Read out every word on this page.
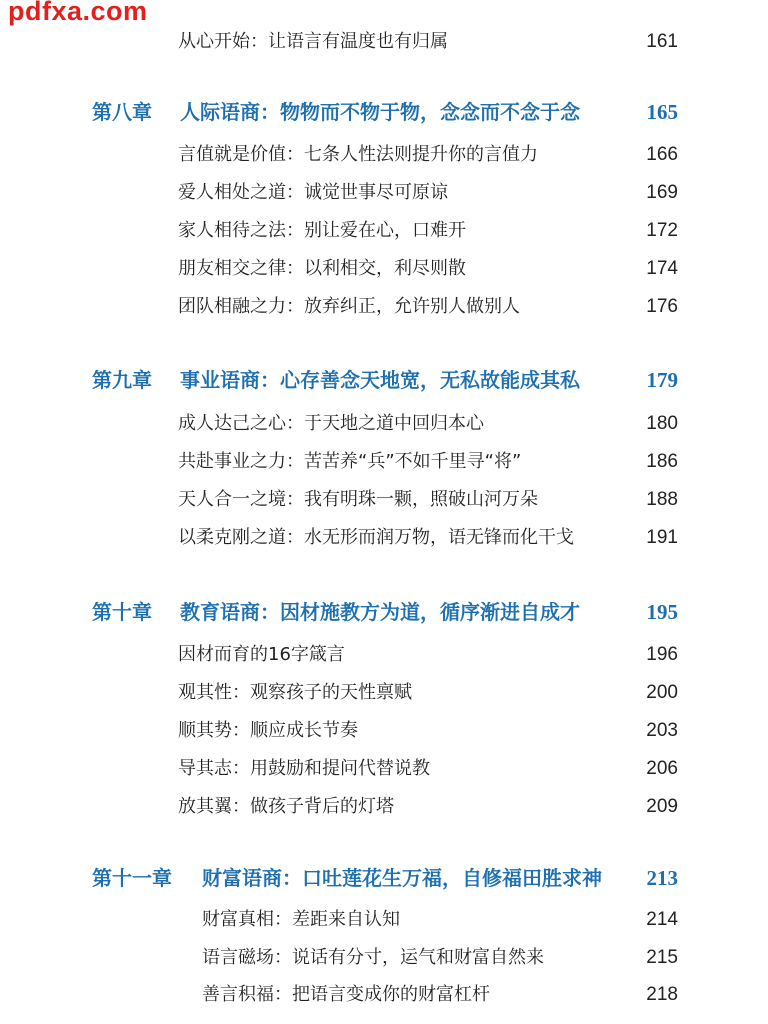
pdfxa.com
从心开始：让语言有温度也有归属	161
第八章 人际语商：物物而不物于物，念念而不念于念	165
言值就是价值：七条人性法则提升你的言值力	166
爱人相处之道：诚觉世事尽可原谅	169
家人相待之法：别让爱在心，口难开	172
朋友相交之律：以利相交，利尽则散	174
团队相融之力：放弃纠正，允许别人做别人	176
第九章 事业语商：心存善念天地宽，无私故能成其私	179
成人达己之心：于天地之道中回归本心	180
共赴事业之力：苦苦养“兵”不如千里寻“将”	186
天人合一之境：我有明珠一颗，照破山河万朵	188
以柔克刚之道：水无形而润万物，语无锋而化干戈	191
第十章 教育语商：因材施教方为道，循序渐进自成才	195
因材而育的16字箴言	196
观其性：观察孩子的天性禀赋	200
顺其势：顺应成长节奏	203
导其志：用鼓励和提问代替说教	206
放其翼：做孩子背后的灯塔	209
第十一章 财富语商：口吐莲花生万福，自修福田胜求神 213
财富真相：差距来自认知	214
语言磁场：说话有分寸，运气和财富自然来	215
善言积福：把语言变成你的财富杠杆	218
